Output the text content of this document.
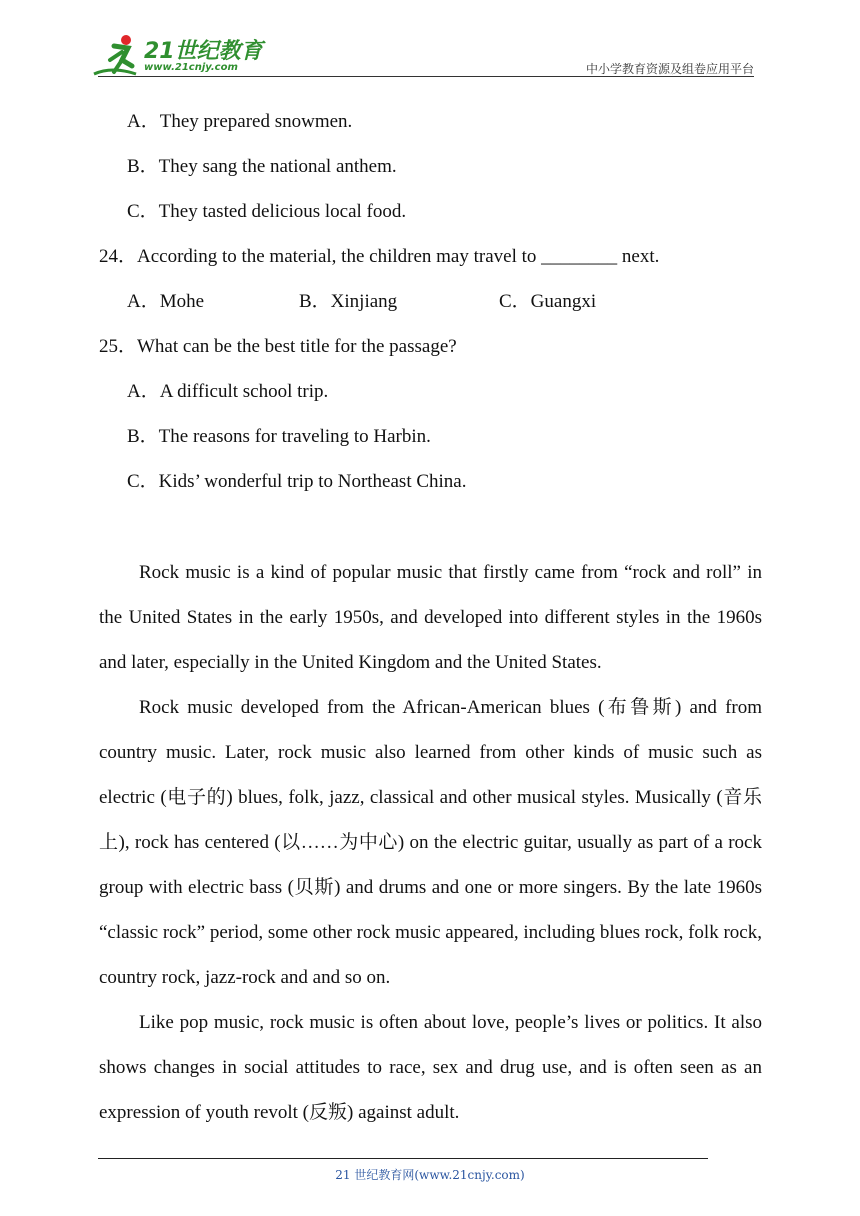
21世纪教育
www.21cnjy.com	中小学教育资源及组卷应用平台
A．They prepared snowmen.
B．They sang the national anthem.
C．They tasted delicious local food.
24．According to the material, the children may travel to ________ next.
A．Mohe	B．Xinjiang	C．Guangxi
25．What can be the best title for the passage?
A．A difficult school trip.
B．The reasons for traveling to Harbin.
C．Kids’ wonderful trip to Northeast China.

Rock music is a kind of popular music that firstly came from “rock and roll” in the United States in the early 1950s, and developed into different styles in the 1960s and later, especially in the United Kingdom and the United States.

Rock music developed from the African-American blues (布鲁斯) and from country music. Later, rock music also learned from other kinds of music such as electric (电子的) blues, folk, jazz, classical and other musical styles. Musically (音乐上), rock has centered (以……为中心) on the electric guitar, usually as part of a rock group with electric bass (贝斯) and drums and one or more singers. By the late 1960s “classic rock” period, some other rock music appeared, including blues rock, folk rock, country rock, jazz-rock and and so on.

Like pop music, rock music is often about love, people’s lives or politics. It also shows changes in social attitudes to race, sex and drug use, and is often seen as an expression of youth revolt (反叛) against adult.

21 世纪教育网(www.21cnjy.com)
